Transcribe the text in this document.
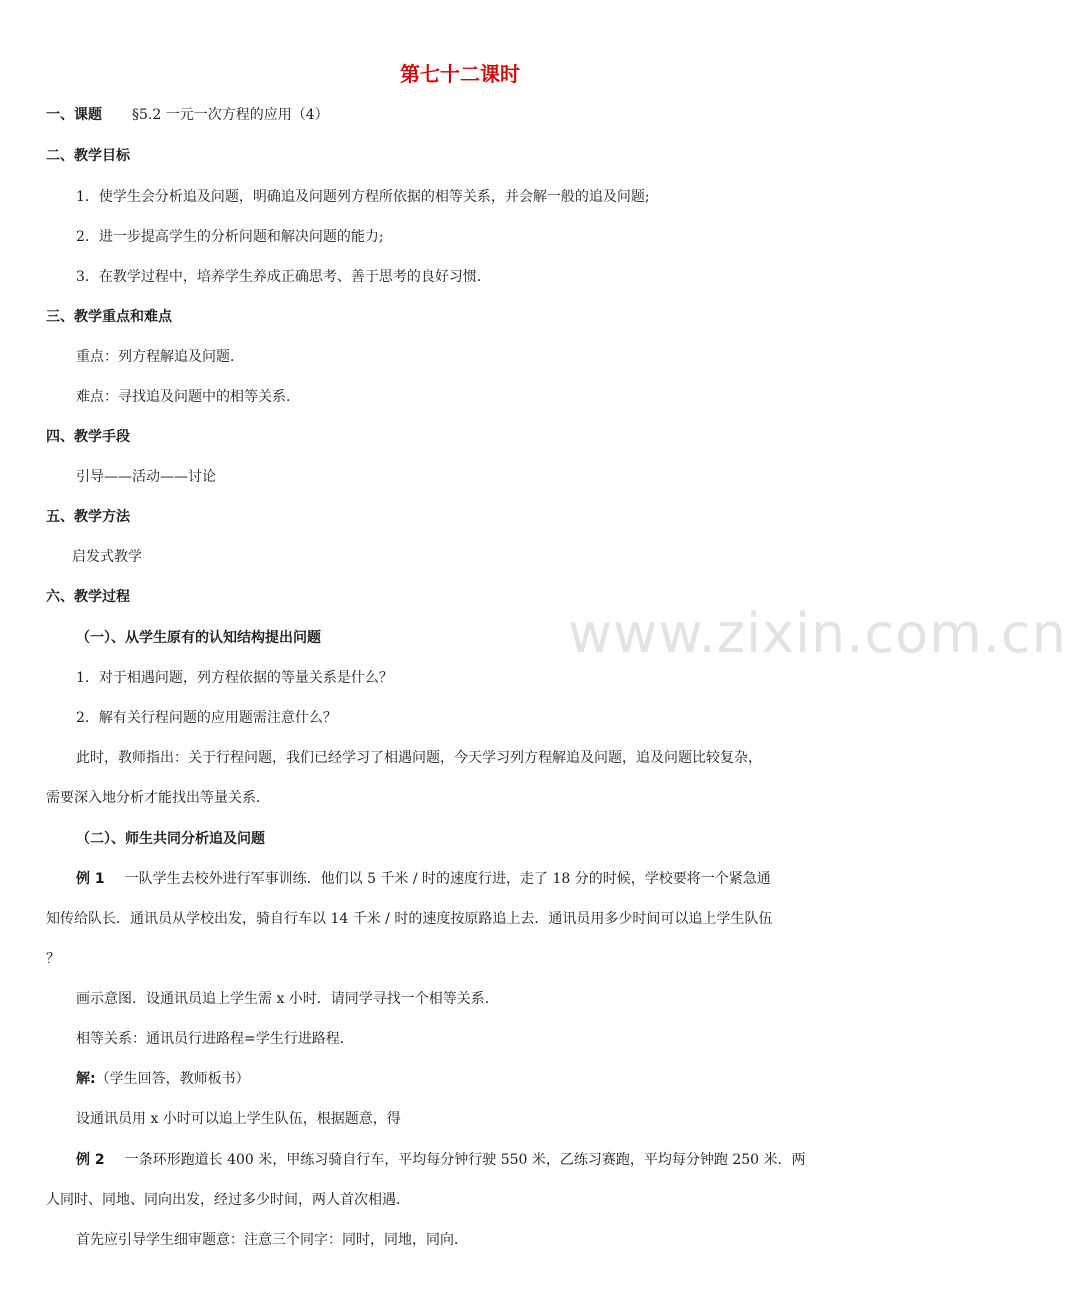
www.zixin.com.cn
第七十二课时
一、课题 §5.2 一元一次方程的应用（4）
二、教学目标
1．使学生会分析追及问题，明确追及问题列方程所依据的相等关系，并会解一般的追及问题;
2．进一步提高学生的分析问题和解决问题的能力;
3．在教学过程中，培养学生养成正确思考、善于思考的良好习惯．
三、教学重点和难点
重点：列方程解追及问题．
难点：寻找追及问题中的相等关系．
四、教学手段
引导——活动——讨论
五、教学方法
启发式教学
六、教学过程
（一）、从学生原有的认知结构提出问题
1．对于相遇问题，列方程依据的等量关系是什么？
2．解有关行程问题的应用题需注意什么？
此时，教师指出：关于行程问题，我们已经学习了相遇问题，今天学习列方程解追及问题，追及问题比较复杂，
需要深入地分析才能找出等量关系．
（二）、师生共同分析追及问题
例 1 一队学生去校外进行军事训练．他们以 5 千米 / 时的速度行进，走了 18 分的时候，学校要将一个紧急通
知传给队长．通讯员从学校出发，骑自行车以 14 千米 / 时的速度按原路追上去．通讯员用多少时间可以追上学生队伍
？
画示意图．设通讯员追上学生需 x 小时．请同学寻找一个相等关系．
相等关系：通讯员行进路程=学生行进路程．
解:（学生回答，教师板书）
设通讯员用 x 小时可以追上学生队伍，根据题意，得
例 2 一条环形跑道长 400 米，甲练习骑自行车，平均每分钟行驶 550 米，乙练习赛跑，平均每分钟跑 250 米．两
人同时、同地、同向出发，经过多少时间，两人首次相遇．
首先应引导学生细审题意：注意三个同字：同时，同地，同向．
